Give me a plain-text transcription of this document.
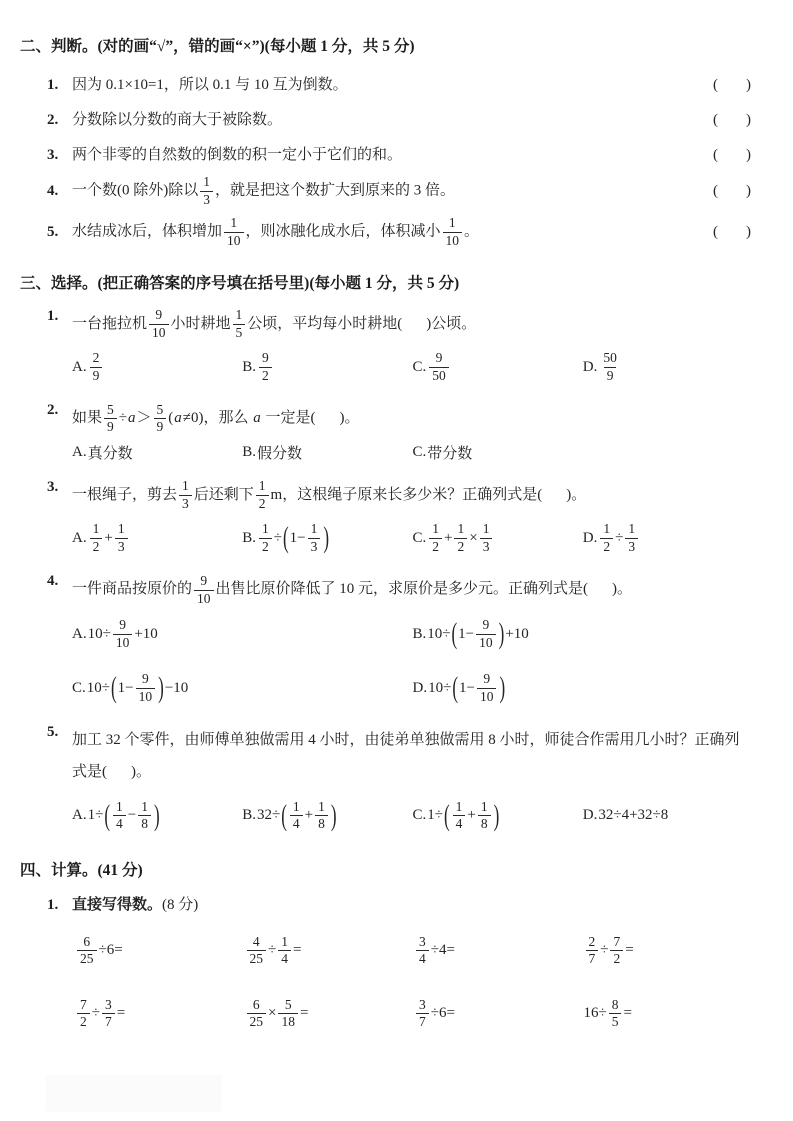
二、判断。(对的画“√”，错的画“×”)(每小题 1 分，共 5 分)
1. 因为 0.1×10=1，所以 0.1 与 10 互为倒数。	( )
2. 分数除以分数的商大于被除数。	( )
3. 两个非零的自然数的倒数的积一定小于它们的和。	( )
4. 一个数(0 除外)除以 $\frac{1}{3}$ ，就是把这个数扩大到原来的 3 倍。	( )
5. 水结成冰后，体积增加 $\frac{1}{10}$ ，则冰融化成水后，体积减小 $\frac{1}{10}$ 。	( )
三、选择。(把正确答案的序号填在括号里)(每小题 1 分，共 5 分)
1. 一台拖拉机 $\frac{9}{10}$ 小时耕地 $\frac{1}{5}$ 公顷，平均每小时耕地( )公顷。
A. $\frac{2}{9}$	B. $\frac{9}{2}$	C. $\frac{9}{50}$	D. $\frac{50}{9}$
2. 如果 $\frac{5}{9} \div a> \frac{5}{9} (a\ne 0)$，那么 a 一定是( )。
A. 真分数	B. 假分数	C. 带分数
3. 一根绳子，剪去 $\frac{1}{3}$ 后还剩下 $\frac{1}{2}$ m，这根绳子原来长多少米？正确列式是( )。
A. $\frac{1}{2} + \frac{1}{3}$	B. $\frac{1}{2}$ ÷ ( $1- \frac{1}{3}$ )	C. $\frac{1}{2} + \frac{1}{2} \times \frac{1}{3}$	D. $\frac{1}{2} \div \frac{1}{3}$
4. 一件商品按原价的 $\frac{9}{10}$ 出售比原价降低了 10 元，求原价是多少元。正确列式是( )。
A. $10\div \frac{9}{10} +10$	B. 10÷ ( $1- \frac{9}{10}$ ) +10
C. 10÷ ( $1- \frac{9}{10}$ ) −10	D. 10÷ ( $1- \frac{9}{10}$ )
5. 加工 32 个零件，由师傅单独做需用 4 小时，由徒弟单独做需用 8 小时，师徒合作需用几小时？正确列式是( )。
A. 1÷ ( $\frac{1}{4} - \frac{1}{8}$ )	B. 32÷ ( $\frac{1}{4} + \frac{1}{8}$ )	C. 1÷ ( $\frac{1}{4} + \frac{1}{8}$ )	D. 32÷4+32÷8
四、计算。(41 分)
1. 直接写得数。(8 分)
$\frac{6}{25} \div 6=$	$\frac{4}{25} \div \frac{1}{4}$ =	$\frac{3}{4} \div 4=$	$\frac{2}{7} \div \frac{7}{2}$ =
$\frac{7}{2} \div \frac{3}{7}$ =	$\frac{6}{25} \times \frac{5}{18}$ =	$\frac{3}{7} \div 6=$	$16\div \frac{8}{5}$ =
